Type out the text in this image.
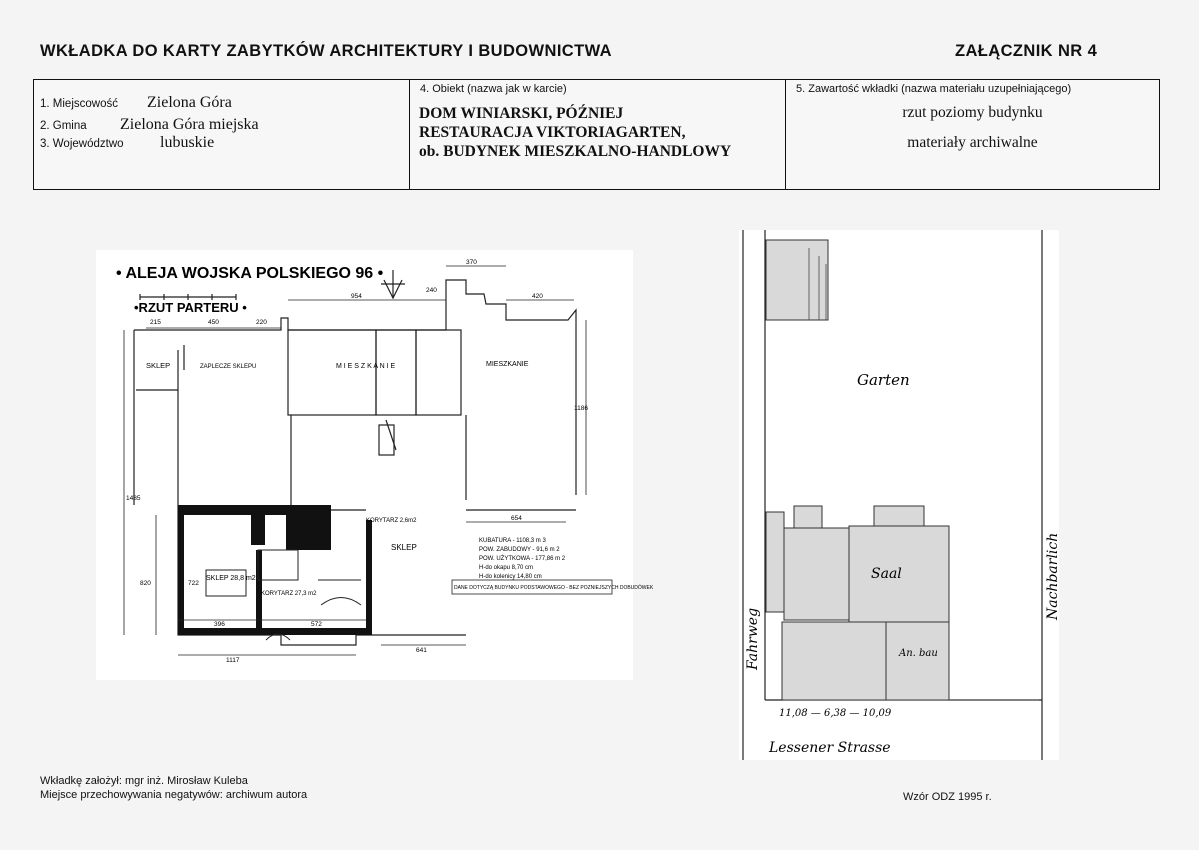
WKŁADKA DO KARTY ZABYTKÓW ARCHITEKTURY I BUDOWNICTWA	ZAŁĄCZNIK NR 4
1. Miejscowość Zielona Góra
2. Gmina Zielona Góra miejska
3. Województwo lubuskie
4. Obiekt (nazwa jak w karcie)
DOM WINIARSKI, PÓŹNIEJ
RESTAURACJA VIKTORIAGARTEN,
ob. BUDYNEK MIESZKALNO-HANDLOWY
5. Zawartość wkładki (nazwa materiału uzupełniającego)
rzut poziomy budynku
materiały archiwalne
• ALEJA WOJSKA POLSKIEGO 96 •
•RZUT PARTERU •
SKLEP	ZAPLECZE SKLEPU	M I E S Z K A N I E	MIESZKANIE
SKLEP
KORYTARZ 2,6m2
SKLEP 28,8 m2
KORYTARZ 27,3 m2
KUBATURA - 1108,3 m 3
POW. ZABUDOWY - 91,6 m 2
POW. UŻYTKOWA - 177,86 m 2
H-do okapu 8,70 cm
H-do kolenicy 14,80 cm
DANE DOTYCZĄ BUDYNKU PODSTAWOWEGO - BEZ POZNIEJSZYCH DOBUDÓWEK
215	450	220
370
954
240
420
1117
396	572
641
820	722
654
1186
1485
Garten
Saal
An. bau
11,08 — 6,38 — 10,09
Lessener Strasse
Fahrweg
Nachbarlich
Wkładkę założył: mgr inż. Mirosław Kuleba
Miejsce przechowywania negatywów: archiwum autora	Wzór ODZ 1995 r.
